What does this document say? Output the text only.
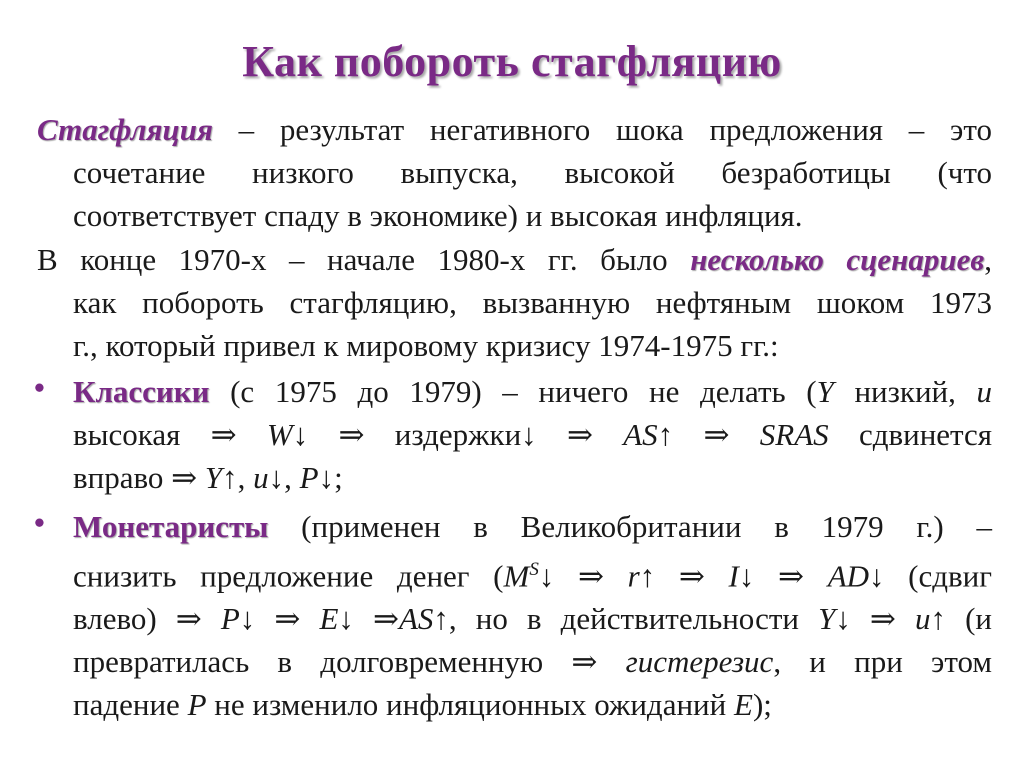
Как побороть стагфляцию
Стагфляция – результат негативного шока предложения – это
сочетание низкого выпуска, высокой безработицы (что
соответствует спаду в экономике) и высокая инфляция.
В конце 1970-х – начале 1980-х гг. было несколько сценариев,
как побороть стагфляцию, вызванную нефтяным шоком 1973
г., который привел к мировому кризису 1974-1975 гг.:
• Классики (с 1975 до 1979) – ничего не делать (Y низкий, u
высокая ⇒ W↓ ⇒ издержки↓ ⇒ AS↑ ⇒ SRAS сдвинется
вправо ⇒ Y↑, u↓, P↓;
• Монетаристы (применен в Великобритании в 1979 г.) –
снизить предложение денег ($M^S↓$ ⇒ r↑ ⇒ I↓ ⇒ AD↓ (сдвиг
влево) ⇒ P↓ ⇒ E↓ ⇒AS↑, но в действительности Y↓ ⇒ u↑ (и
превратилась в долговременную ⇒ гистерезис, и при этом
падение P не изменило инфляционных ожиданий E);
